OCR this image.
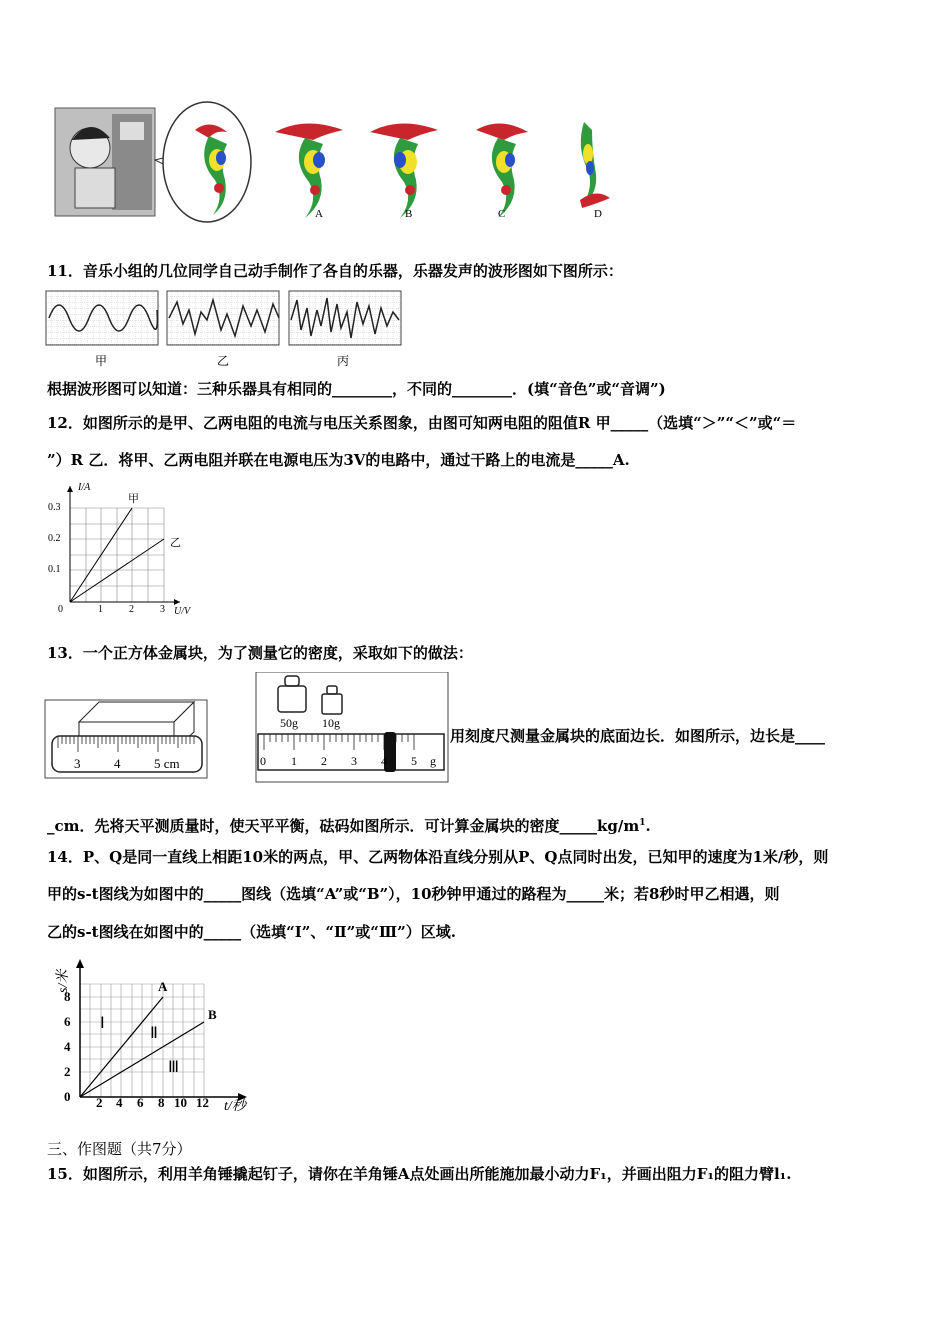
A	B	C	D
11．音乐小组的几位同学自己动手制作了各自的乐器，乐器发声的波形图如下图所示：
甲	乙	丙
根据波形图可以知道：三种乐器具有相同的________，不同的________．(填“音色”或“音调”)
12．如图所示的是甲、乙两电阻的电流与电压关系图象，由图可知两电阻的阻值R 甲_____（选填“＞”“＜”或“＝
”）R 乙．将甲、乙两电阻并联在电源电压为3V的电路中，通过干路上的电流是_____A.
I/A
U/V
0.3
0.2
0.1
0	1	2	3
甲
乙
13．一个正方体金属块，为了测量它的密度，采取如下的做法：
3	4	5 cm
50g 10g
0 1 2 3 4 5 g
用刻度尺测量金属块的底面边长．如图所示，边长是____
_cm．先将天平测质量时，使天平平衡，砝码如图所示．可计算金属块的密度$\_\_\_\_\_kg/m^1$.
14．P、Q是同一直线上相距10米的两点，甲、乙两物体沿直线分别从P、Q点同时出发，已知甲的速度为1米/秒，则
甲的s-t图线为如图中的_____图线（选填“A”或“B”），10秒钟甲通过的路程为_____米；若8秒时甲乙相遇，则
乙的s-t图线在如图中的_____（选填“Ⅰ”、“Ⅱ”或“Ⅲ”）区域.
s/米
t/秒
8
6
4
2
0 2 4 6 8 10 12
A
B
Ⅰ
Ⅱ
Ⅲ
三、作图题（共7分）
15．如图所示，利用羊角锤撬起钉子，请你在羊角锤A点处画出所能施加最小动力F₁，并画出阻力F₁的阻力臂l₁.
